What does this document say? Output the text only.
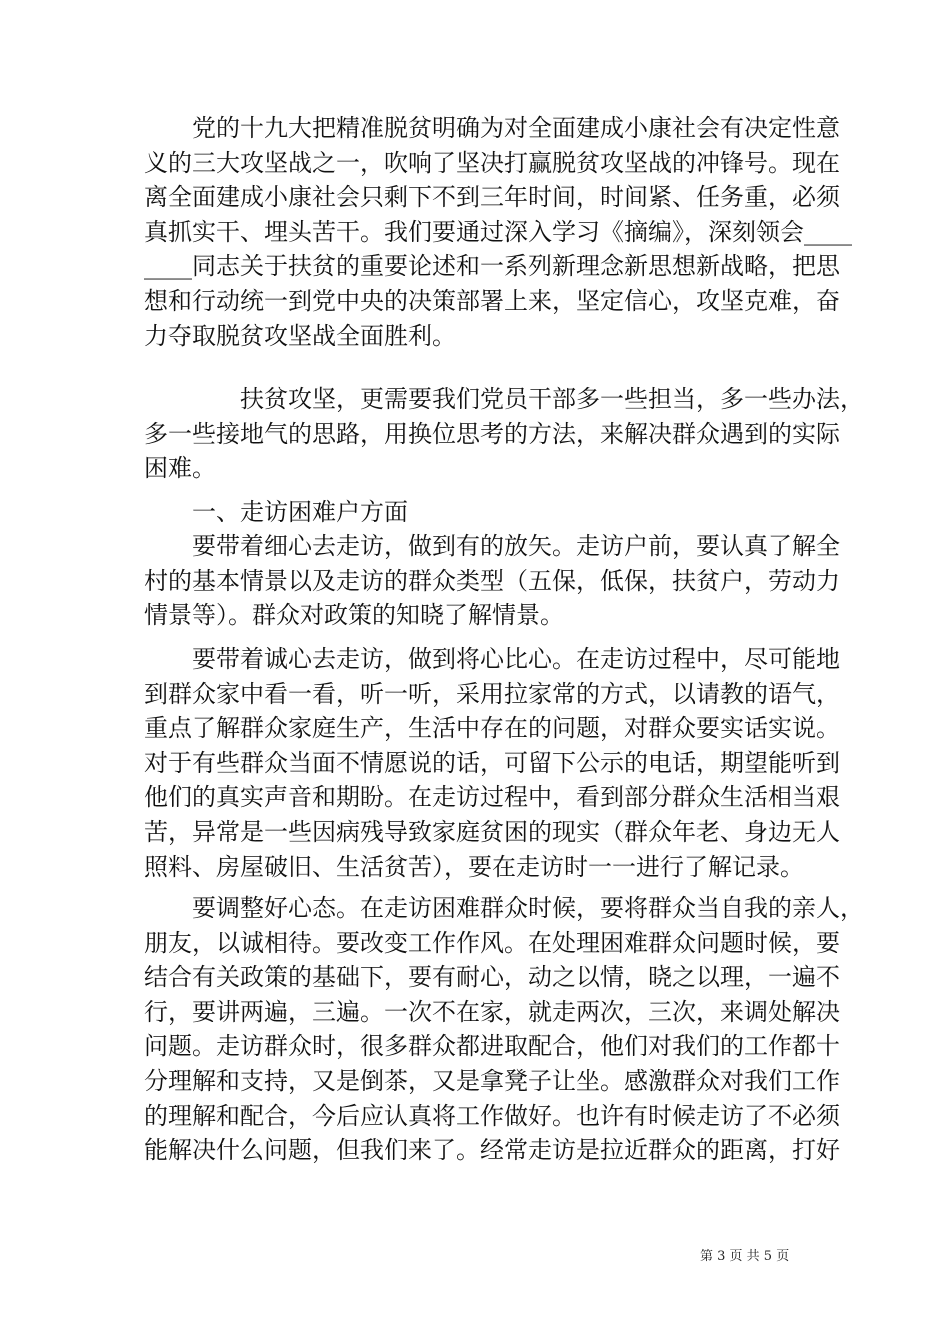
党的十九大把精准脱贫明确为对全面建成小康社会有决定性意
义的三大攻坚战之一，吹响了坚决打赢脱贫攻坚战的冲锋号。现在
离全面建成小康社会只剩下不到三年时间，时间紧、任务重，必须
真抓实干、埋头苦干。我们要通过深入学习《摘编》，深刻领会____
____同志关于扶贫的重要论述和一系列新理念新思想新战略，把思
想和行动统一到党中央的决策部署上来，坚定信心，攻坚克难，奋
力夺取脱贫攻坚战全面胜利。
扶贫攻坚，更需要我们党员干部多一些担当，多一些办法，
多一些接地气的思路，用换位思考的方法，来解决群众遇到的实际
困难。
一、走访困难户方面
要带着细心去走访，做到有的放矢。走访户前，要认真了解全
村的基本情景以及走访的群众类型（五保，低保，扶贫户，劳动力
情景等）。群众对政策的知晓了解情景。
要带着诚心去走访，做到将心比心。在走访过程中，尽可能地
到群众家中看一看，听一听，采用拉家常的方式，以请教的语气，
重点了解群众家庭生产，生活中存在的问题，对群众要实话实说。
对于有些群众当面不情愿说的话，可留下公示的电话，期望能听到
他们的真实声音和期盼。在走访过程中，看到部分群众生活相当艰
苦，异常是一些因病残导致家庭贫困的现实（群众年老、身边无人
照料、房屋破旧、生活贫苦），要在走访时一一进行了解记录。
要调整好心态。在走访困难群众时候，要将群众当自我的亲人，
朋友，以诚相待。要改变工作作风。在处理困难群众问题时候，要
结合有关政策的基础下，要有耐心，动之以情，晓之以理，一遍不
行，要讲两遍，三遍。一次不在家，就走两次，三次，来调处解决
问题。走访群众时，很多群众都进取配合，他们对我们的工作都十
分理解和支持，又是倒茶，又是拿凳子让坐。感激群众对我们工作
的理解和配合，今后应认真将工作做好。也许有时候走访了不必须
能解决什么问题，但我们来了。经常走访是拉近群众的距离，打好
第 3 页 共 5 页
